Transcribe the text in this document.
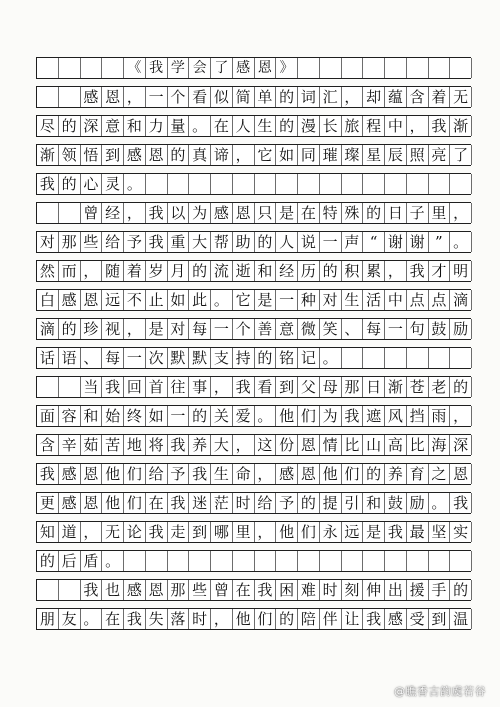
《 我 学 会 了 感 恩 》
感 恩 ， 一 个 看 似 简 单 的 词 汇 ， 却 蕴 含 着 无
尽 的 深 意 和 力 量 。 在 人 生 的 漫 长 旅 程 中 ， 我 渐
渐 领 悟 到 感 恩 的 真 谛 ， 它 如 同 璀 璨 星 辰 照 亮 了
我 的 心 灵 。
曾 经 ， 我 以 为 感 恩 只 是 在 特 殊 的 日 子 里 ，
对 那 些 给 予 我 重 大 帮 助 的 人 说 一 声 “ 谢 谢 ” 。
然 而 ， 随 着 岁 月 的 流 逝 和 经 历 的 积 累 ， 我 才 明
白 感 恩 远 不 止 如 此 。 它 是 一 种 对 生 活 中 点 点 滴
滴 的 珍 视 ， 是 对 每 一 个 善 意 微 笑 、 每 一 句 鼓 励
话 语 、 每 一 次 默 默 支 持 的 铭 记 。
当 我 回 首 往 事 ， 我 看 到 父 母 那 日 渐 苍 老 的
面 容 和 始 终 如 一 的 关 爱 。 他 们 为 我 遮 风 挡 雨 ，
含 辛 茹 苦 地 将 我 养 大 ， 这 份 恩 情 比 山 高 比 海 深
我 感 恩 他 们 给 予 我 生 命 ， 感 恩 他 们 的 养 育 之 恩
更 感 恩 他 们 在 我 迷 茫 时 给 予 的 提 引 和 鼓 励 。 我
知 道 ， 无 论 我 走 到 哪 里 ， 他 们 永 远 是 我 最 坚 实
的 后 盾 。
我 也 感 恩 那 些 曾 在 我 困 难 时 刻 伸 出 援 手 的
朋 友 。 在 我 失 落 时 ， 他 们 的 陪 伴 让 我 感 受 到 温
@瞧香古韵虞若谷
